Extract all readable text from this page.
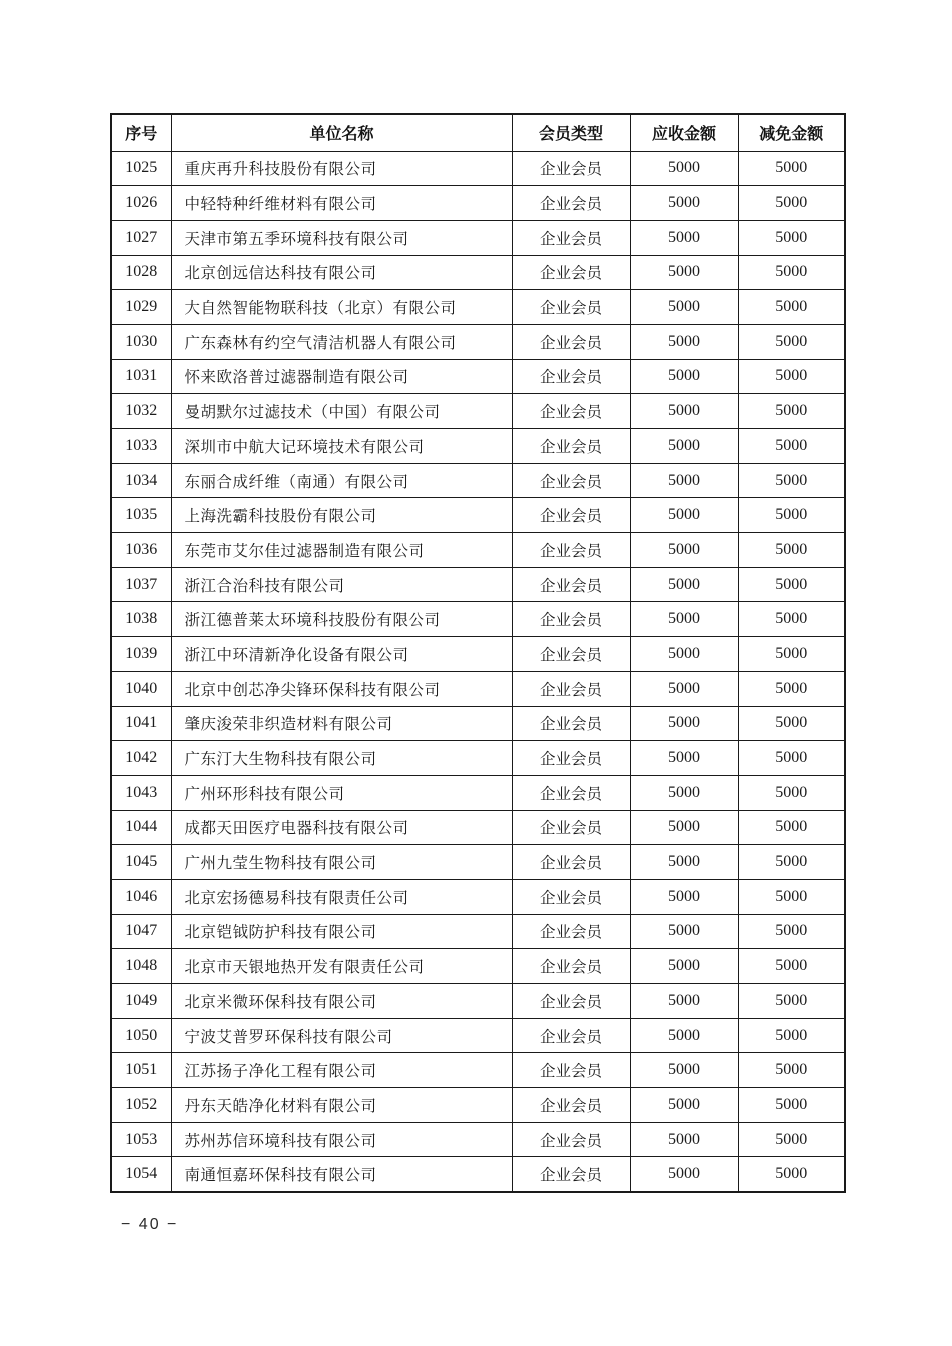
序号	单位名称	会员类型	应收金额	减免金额
1025	重庆再升科技股份有限公司	企业会员	5000	5000
1026	中轻特种纤维材料有限公司	企业会员	5000	5000
1027	天津市第五季环境科技有限公司	企业会员	5000	5000
1028	北京创远信达科技有限公司	企业会员	5000	5000
1029	大自然智能物联科技（北京）有限公司	企业会员	5000	5000
1030	广东森林有约空气清洁机器人有限公司	企业会员	5000	5000
1031	怀来欧洛普过滤器制造有限公司	企业会员	5000	5000
1032	曼胡默尔过滤技术（中国）有限公司	企业会员	5000	5000
1033	深圳市中航大记环境技术有限公司	企业会员	5000	5000
1034	东丽合成纤维（南通）有限公司	企业会员	5000	5000
1035	上海洗霸科技股份有限公司	企业会员	5000	5000
1036	东莞市艾尔佳过滤器制造有限公司	企业会员	5000	5000
1037	浙江合治科技有限公司	企业会员	5000	5000
1038	浙江德普莱太环境科技股份有限公司	企业会员	5000	5000
1039	浙江中环清新净化设备有限公司	企业会员	5000	5000
1040	北京中创芯净尖锋环保科技有限公司	企业会员	5000	5000
1041	肇庆浚荣非织造材料有限公司	企业会员	5000	5000
1042	广东汀大生物科技有限公司	企业会员	5000	5000
1043	广州环形科技有限公司	企业会员	5000	5000
1044	成都天田医疗电器科技有限公司	企业会员	5000	5000
1045	广州九莹生物科技有限公司	企业会员	5000	5000
1046	北京宏扬德易科技有限责任公司	企业会员	5000	5000
1047	北京铠钺防护科技有限公司	企业会员	5000	5000
1048	北京市天银地热开发有限责任公司	企业会员	5000	5000
1049	北京米微环保科技有限公司	企业会员	5000	5000
1050	宁波艾普罗环保科技有限公司	企业会员	5000	5000
1051	江苏扬子净化工程有限公司	企业会员	5000	5000
1052	丹东天皓净化材料有限公司	企业会员	5000	5000
1053	苏州苏信环境科技有限公司	企业会员	5000	5000
1054	南通恒嘉环保科技有限公司	企业会员	5000	5000
− 40 −
